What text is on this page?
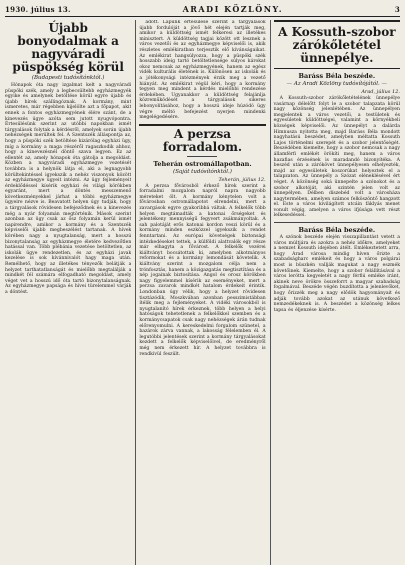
1930. július 13.	ARADI KÖZLÖNY.	3
Újabb bonyodalmak a nagyváradi püspökség körül
(Budapesti tudósítónktól.)

Hónapok óta nagy izgalmat kelt a nagyváradi püspöki szék, amely a legbecsültebb egyházmegyék egyike és amelynek betöltése körül egyre újabb és újabb hírek szállingóznak. A kormány, mint ismeretes, már régebben kijelölte azt a főpapot, akit ennek a fontos egyházmegyének élére szánt, de a kinevezés ügye azóta sem jutott nyugvópontra. Értesülésünk szerint az utóbbi napokban ismét tárgyalások folytak a kérdésről, amelyek során újabb nehézségek merültek fel. A Szentszék álláspontja az, hogy a püspöki szék betöltése kizárólag egyházi ügy, míg a kormány a maga részéről ragaszkodik ahhoz, hogy a kinevezésnél döntő szava legyen. Ez az ellentét az, amely hónapok óta gátolja a megoldást. Közben a nagyváradi egyházmegye vezetését továbbra is a helynök látja el, aki a legnagyobb körültekintéssel igyekszik a nehéz viszonyok között az egyházmegye ügyeit intézni. Az ügy fejleményeit érdeklődéssel kísérik egyházi és világi körökben egyaránt, mert a döntés messzemenő következményekkel járhat a többi egyházmegye ügyeire nézve is. Beavatott helyen úgy tudják, hogy a tárgyalások rövidesen befejeződnek és a kinevezés még a nyár folyamán megtörténik. Mások szerint azonban az ügy csak az ősz folyamán kerül ismét napirendre, amikor a kormány és a Szentszék képviselői újabb megbeszélést tartanak. A hívek körében nagy a nyugtalanság, mert a hosszú bizonytalanság az egyházmegye életére kedvezőtlen hatással van. Több plébánia vezetése betöltetlen, az iskolák ügye rendezetlen, és az egyházi javak kezelése is sok kívánnivalót hagy maga után. Remélhető, hogy az illetékes tényezők belátják a helyzet tarthatatlanságát és mielőbb megtalálják a mindkét fél számára elfogadható megoldást, amely véget vet a hosszú idő óta tartó bizonytalanságnak. Az egyházmegye papsága és hívei türelemmel várják a döntést.

adott. Lapunk értesülése szerint a tárgyalások újabb fordulóját a jövő hét elején tartják meg, amikor a küldöttség ismét felkeresi az illetékes minisztert. A küldöttség tagjai között ott lesznek a város vezetői és az egyházmegye képviselői is, akik részletes emlékiratban terjesztik elő kívánságaikat. Az emlékirat hangsúlyozza, hogy a püspöki szék hosszabb ideig tartó betöltetlensége súlyos károkat okoz nemcsak az egyházmegyének, hanem az egész vidék kulturális életének is. Különösen az iskolák és a jótékonysági intézmények érzik meg a vezető hiányát. Az emlékirat végül kéri, hogy a kormány tegyen meg mindent a kérdés mielőbbi rendezése érdekében. Ugyanakkor a küldöttség felajánlja közreműködését a tárgyalások sikeres lebonyolításához, hogy a hosszú ideje húzódó ügy végre méltó befejezést nyerjen mindenki megelégedésére.

A perzsa forradalom.
Teherán ostromállapotban.
(Saját tudósítónktól.)
Teherán, július 12.

A perzsa fővárosból érkező hírek szerint a forradalmi mozgalom napról napra nagyobb méreteket ölt. A kormány kénytelen volt a fővárosban ostromállapotot elrendelni, mert a zavargások egyre gyakoribbá váltak. A felkelők több helyen megtámadták a katonai őrségeket és jelentékeny mennyiségű fegyvert zsákmányoltak. A sah palotáját erős katonai kordon veszi körül és a kormány minden eszközzel igyekszik a rendet fenntartani. Az európai követségek biztonsági intézkedéseket tettek, a külföldi alattvalók egy része már elhagyta a fővárost. A felkelők vezérei kiáltványt bocsátottak ki, amelyben alkotmányos reformokat és a kormány lemondását követelik. A kiáltvány szerint a mozgalom célja nem a trónfosztás, hanem a közigazgatás megtisztítása és a nép jogainak biztosítása. Angol és orosz körökben nagy figyelemmel kísérik az eseményeket, mert a perzsa zavarok mindkét hatalom érdekeit érintik. Londonban úgy vélik, hogy a helyzet rövidesen tisztázódik, Moszkvában azonban pesszimistábban ítélik meg a fejleményeket. A vidéki városokból is nyugtalanító hírek érkeznek, több helyen a helyi hatóságok tehetetlenek a felkelőkkel szemben és a kormánycsapatok csak nagy nehézségek árán tudnak előrenyomulni. A kereskedelmi forgalom szünetel, a bazárok zárva vannak, a lakosság félelemben él. A legutóbbi jelentések szerint a kormány tárgyalásokat kezdett a felkelők képviselőivel, de eredményről még nem érkezett hír. A helyzet továbbra is rendkívül feszült.

A Kossuth-szobor zárókőletétel ünnepélye.
Baráss Béla beszéde.
— Az Aradi Közlöny tudósítójától. —
Arad, július 12.

A Kossuth-szobor zárókőletételének ünnepélye vasárnap délelőtt folyt le a szobor talapzata körül nagy közönség jelenlétében. Az ünnepélyen megjelentek a város vezetői, a testületek és egyesületek küldöttségei, valamint a környékbeli községek képviselői. Az ünnepélyt a dalárda Himnusza nyitotta meg, majd Baráss Béla mondott nagyhatású beszédet, amelyben méltatta Kossuth Lajos történelmi szerepét és a szobor jelentőségét. Beszédében kiemelte, hogy a szobor nemcsak a nagy államférfi emlékét örökíti meg, hanem a város hazafias érzésének is maradandó bizonyítéka. A beszéd után a zárókövet ünnepélyesen elhelyezték, majd az egyesületek koszorúkat helyeztek el a talapzaton. Az ünnepély a Szózat eléneklésével ért véget. A közönség soká ünnepelte a szónokot és a szobor alkotóját, aki szintén jelen volt az ünnepélyen. Délben díszebéd volt a városháza nagytermében, amelyen számos felköszöntő hangzott el. Este a város kivilágított utcáin fáklyás menet vonult végig, amelyen a város ifjúsága vett részt lelkesedéssel.

Baráss Béla beszéde.

A szónok beszéde elején visszapillantást vetett a város múltjára és azokra a nehéz időkre, amelyeket a nemzet Kossuth idejében átélt. Emlékeztetett arra, hogy Arad városa mindig híven őrizte a szabadságharc emlékeit és hogy a város polgárai most is büszkén vallják magukat a nagy eszmék követőinek. Kiemelte, hogy a szobor felállításával a város lerótta kegyeletét a nagy férfiú emléke iránt, akinek neve örökre összeforrt a magyar szabadság fogalmával. Beszéde végén buzdította a jelenlevőket, hogy őrizzék meg a nagy elődök hagyományait és adják tovább azokat az utánuk következő nemzedékeknek is. A beszédet a közönség lelkes tapsa és éljenzése kísérte.
